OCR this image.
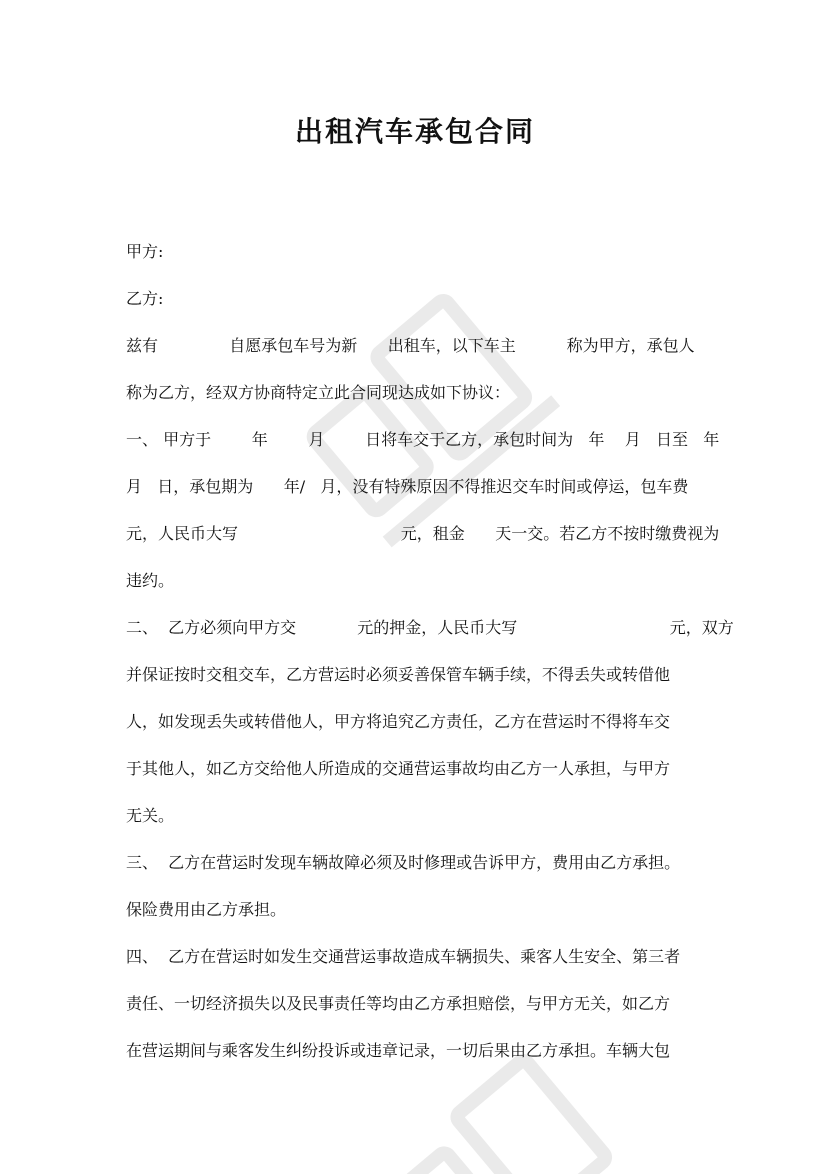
出租汽车承包合同
甲方:
乙方:
兹有              自愿承包车号为新      出租车，以下车主          称为甲方，承包人
称为乙方，经双方协商特定立此合同现达成如下协议：
一、 甲方于        年        月        日将车交于乙方，承包时间为   年    月   日至   年
月   日，承包期为      年/   月，没有特殊原因不得推迟交车时间或停运，包车费
元，人民币大写                                元，租金      天一交。若乙方不按时缴费视为
违约。
二、  乙方必须向甲方交            元的押金，人民币大写                              元，双方
并保证按时交租交车，乙方营运时必须妥善保管车辆手续，不得丢失或转借他
人，如发现丢失或转借他人，甲方将追究乙方责任，乙方在营运时不得将车交
于其他人，如乙方交给他人所造成的交通营运事故均由乙方一人承担，与甲方
无关。
三、  乙方在营运时发现车辆故障必须及时修理或告诉甲方，费用由乙方承担。
保险费用由乙方承担。
四、  乙方在营运时如发生交通营运事故造成车辆损失、乘客人生安全、第三者
责任、一切经济损失以及民事责任等均由乙方承担赔偿，与甲方无关，如乙方
在营运期间与乘客发生纠纷投诉或违章记录，一切后果由乙方承担。车辆大包
